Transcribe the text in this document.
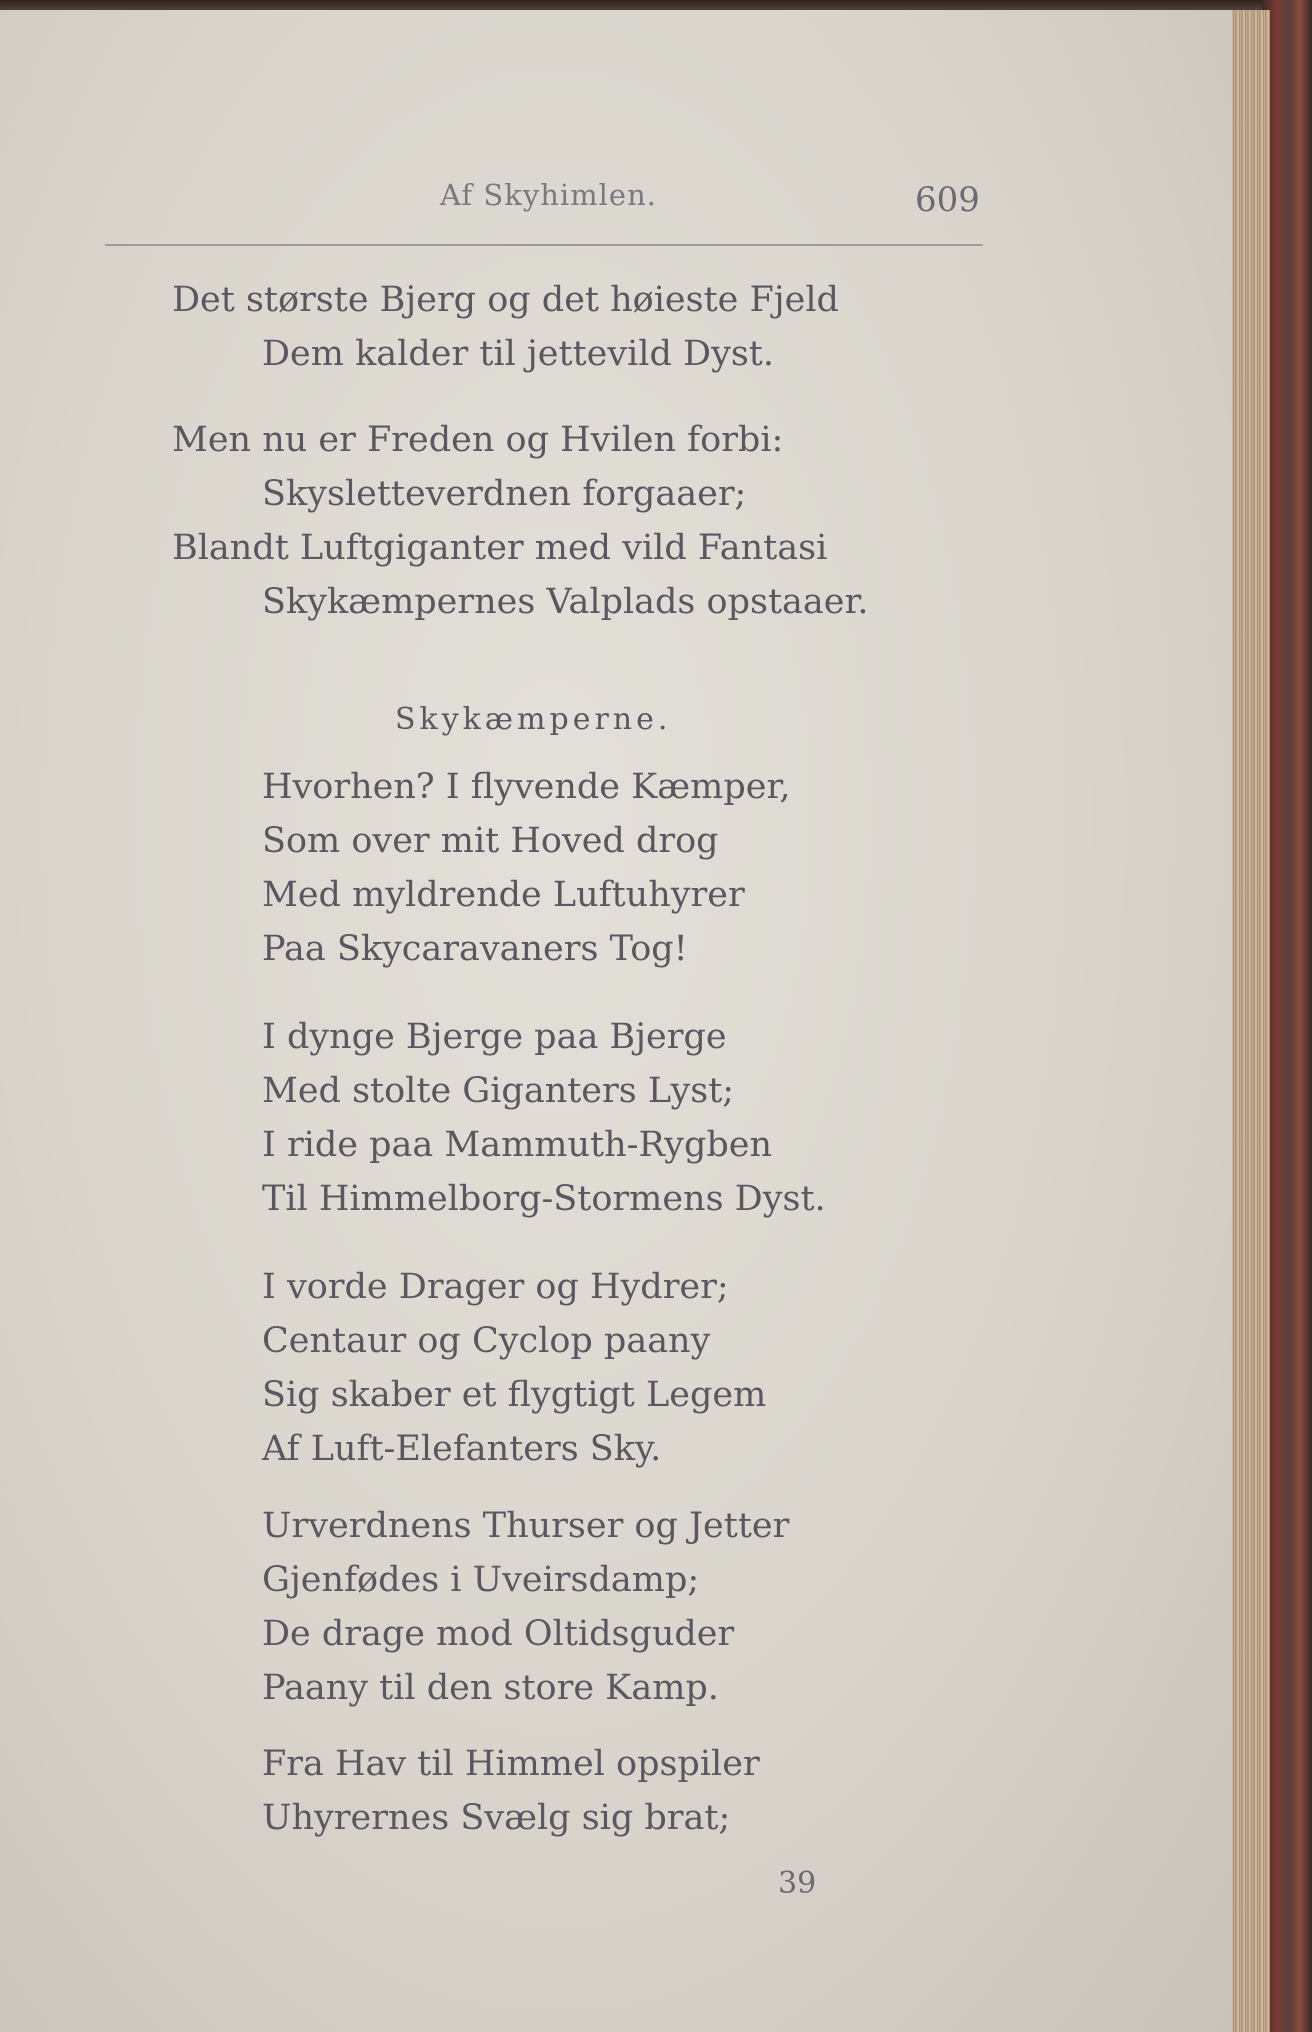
Af Skyhimlen.	609
Det største Bjerg og det høieste Fjeld
Dem kalder til jettevild Dyst.
Men nu er Freden og Hvilen forbi:
Skysletteverdnen forgaaer;
Blandt Luftgiganter med vild Fantasi
Skykæmpernes Valplads opstaaer.
Skykæmperne.
Hvorhen? I flyvende Kæmper,
Som over mit Hoved drog
Med myldrende Luftuhyrer
Paa Skycaravaners Tog!
I dynge Bjerge paa Bjerge
Med stolte Giganters Lyst;
I ride paa Mammuth-Rygben
Til Himmelborg-Stormens Dyst.
I vorde Drager og Hydrer;
Centaur og Cyclop paany
Sig skaber et flygtigt Legem
Af Luft-Elefanters Sky.
Urverdnens Thurser og Jetter
Gjenfødes i Uveirsdamp;
De drage mod Oltidsguder
Paany til den store Kamp.
Fra Hav til Himmel opspiler
Uhyrernes Svælg sig brat;
39
